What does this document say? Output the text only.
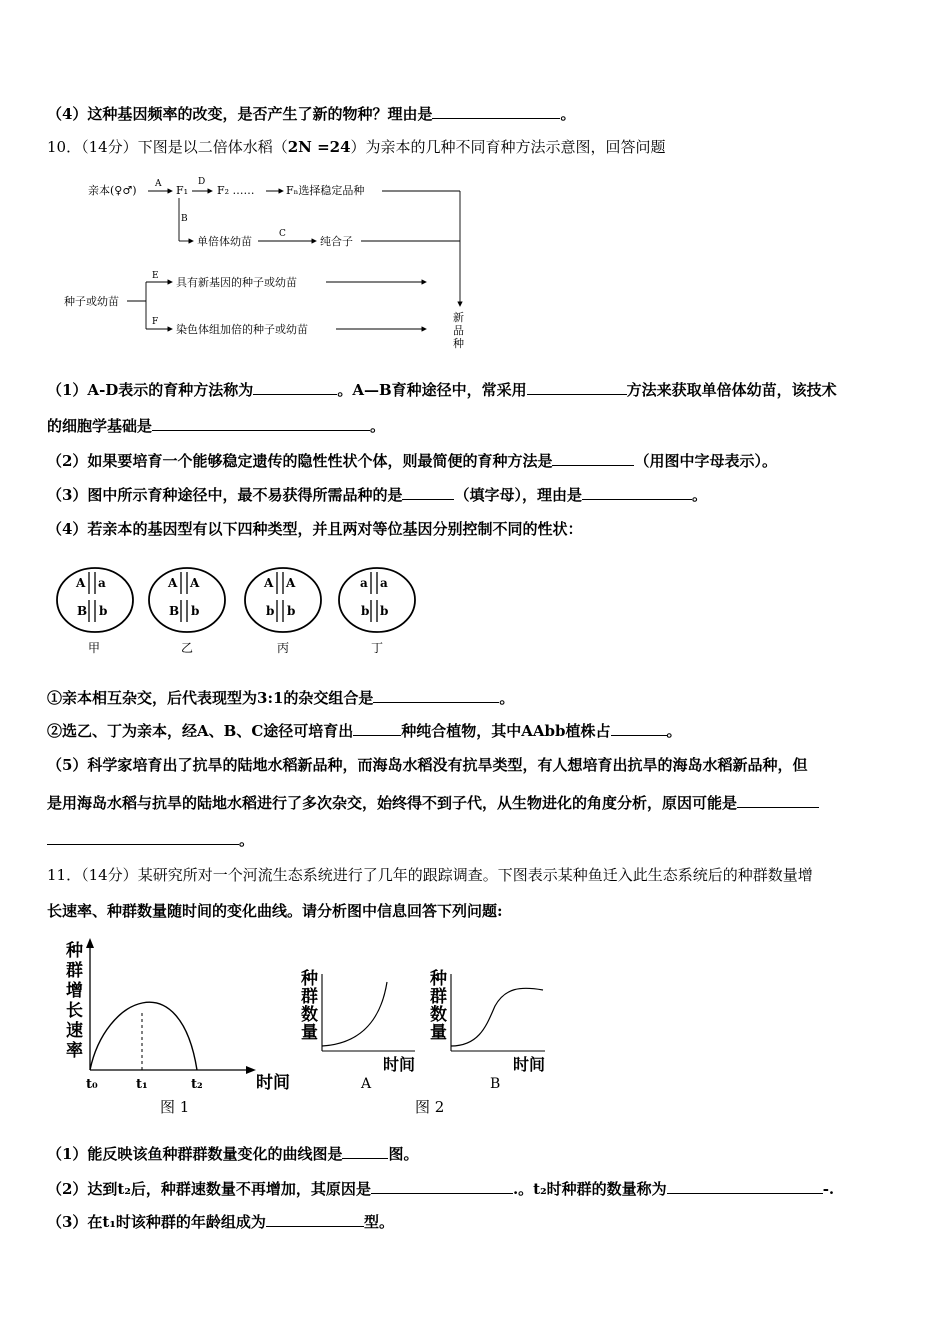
（4）这种基因频率的改变，是否产生了新的物种？理由是	。
10．（14分）下图是以二倍体水稻（2N =24）为亲本的几种不同育种方法示意图，回答问题
亲本(♀♂) A F₁
D
F₂ ……	Fₙ选择稳定品种
B
单倍体幼苗
C
纯合子
种子或幼苗
E 具有新基因的种子或幼苗
F
染色体组加倍的种子或幼苗
新
品
种
（1）A-D表示的育种方法称为	。A—B育种途径中，常采用	方法来获取单倍体幼苗，该技术
的细胞学基础是	。
（2）如果要培育一个能够稳定遗传的隐性性状个体，则最简便的育种方法是	（用图中字母表示）。
（3）图中所示育种途径中，最不易获得所需品种的是	（填字母），理由是	。
（4）若亲本的基因型有以下四种类型，并且两对等位基因分别控制不同的性状：
A a
B b
甲
A A
B b
乙
A A
b b
丙
a a
b b
丁
①亲本相互杂交，后代表现型为3:1的杂交组合是	。
②选乙、丁为亲本，经A、B、C途径可培育出	种纯合植物，其中AAbb植株占	。
（5）科学家培育出了抗旱的陆地水稻新品种，而海岛水稻没有抗旱类型，有人想培育出抗旱的海岛水稻新品种，但
是用海岛水稻与抗旱的陆地水稻进行了多次杂交，始终得不到子代，从生物进化的角度分析，原因可能是
。
11．（14分）某研究所对一个河流生态系统进行了几年的跟踪调查。下图表示某种鱼迁入此生态系统后的种群数量增
长速率、种群数量随时间的变化曲线。请分析图中信息回答下列问题:
种
群
增
长
速
率
t₀	t₁	t₂	时间
图 1
种
群
数
量
时间
A
种
群
数
量
时间
B
图 2
（1）能反映该鱼种群群数量变化的曲线图是	图。
（2）达到t₂后，种群速数量不再增加，其原因是	.。t₂时种群的数量称为	-.
（3）在t₁时该种群的年龄组成为	型。
